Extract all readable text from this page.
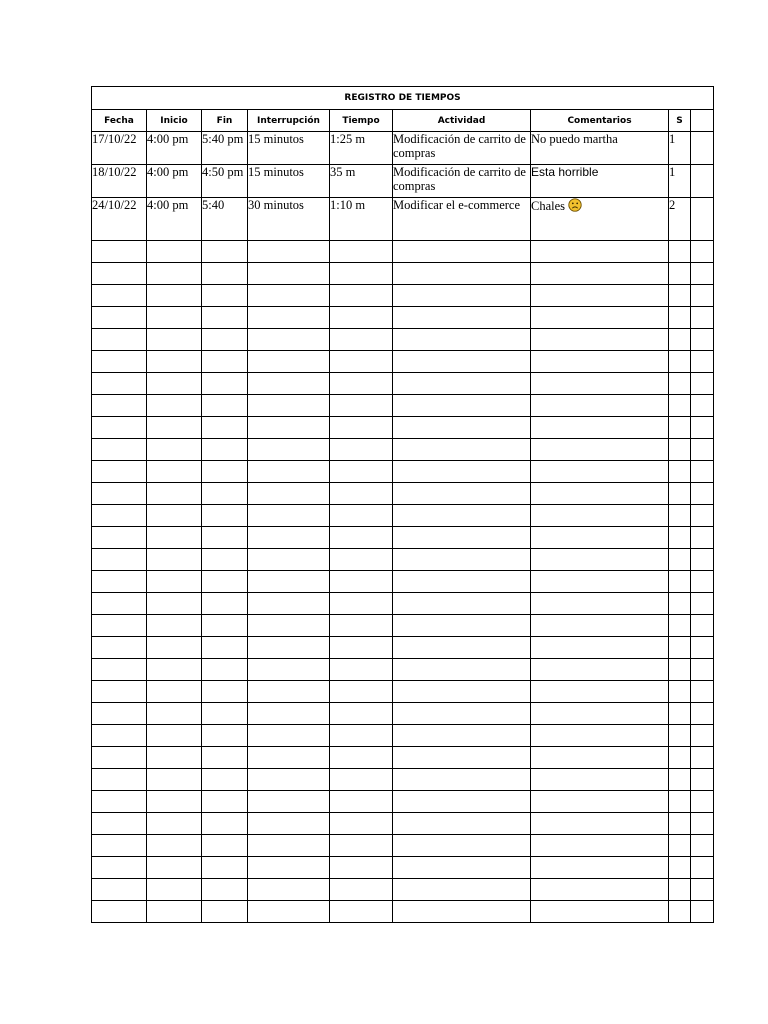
REGISTRO DE TIEMPOS								
Fecha	Inicio	Fin	Interrupción	Tiempo	Actividad	Comentarios	S	
17/10/22	4:00 pm	5:40 pm	15 minutos	1:25 m	Modificación de carrito de compras	No puedo martha	1	
18/10/22	4:00 pm	4:50 pm	15 minutos	35 m	Modificación de carrito de compras	Esta horrible	1	
24/10/22	4:00 pm	5:40	30 minutos	1:10 m	Modificar el e-commerce	Chales	2	
